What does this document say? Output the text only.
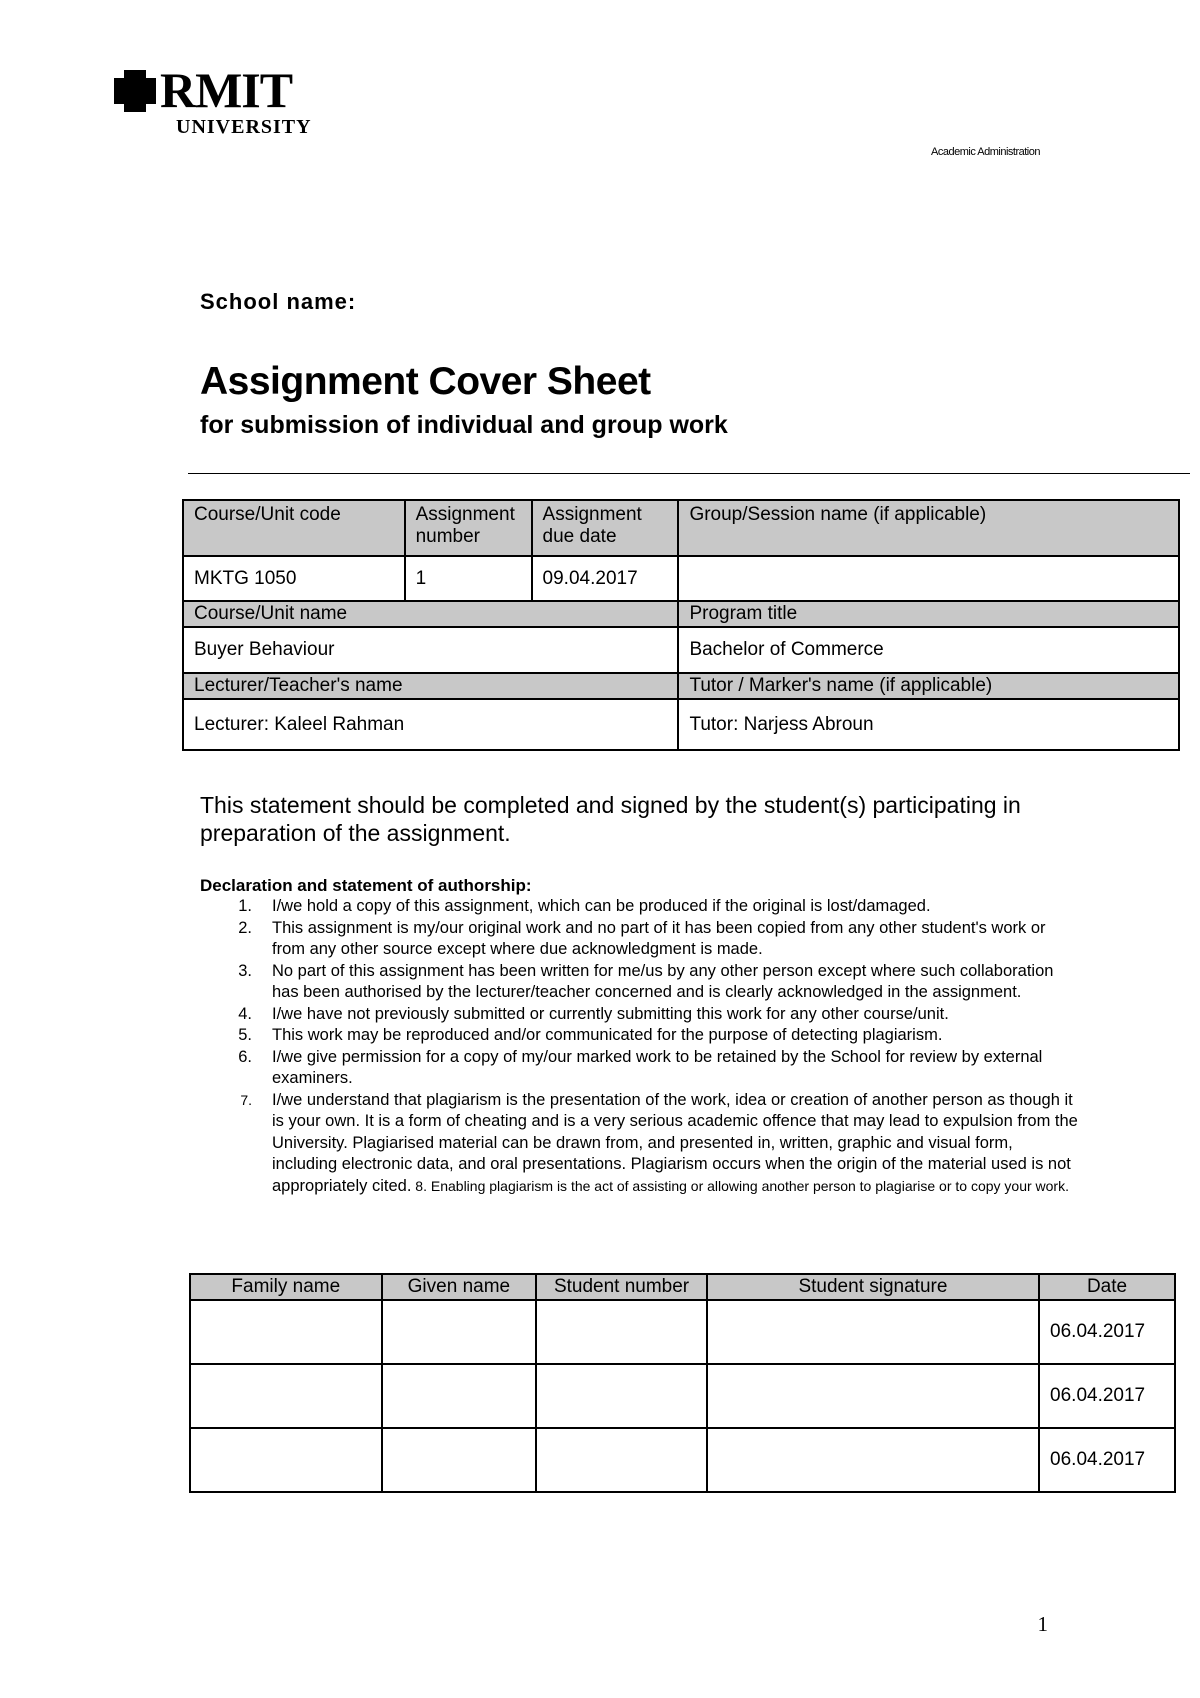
RMIT
UNIVERSITY
Academic Administration
School name:
Assignment Cover Sheet
for submission of individual and group work
Course/Unit code	Assignment number	Assignment due date	Group/Session name (if applicable)
MKTG 1050	1	09.04.2017	
Course/Unit name			Program title
Buyer Behaviour			Bachelor of Commerce
Lecturer/Teacher's name			Tutor / Marker's name (if applicable)
Lecturer: Kaleel Rahman			Tutor: Narjess Abroun
This statement should be completed and signed by the student(s) participating in preparation of the assignment.
Declaration and statement of authorship:
1.	I/we hold a copy of this assignment, which can be produced if the original is lost/damaged.
2.	This assignment is my/our original work and no part of it has been copied from any other student's work or from any other source except where due acknowledgment is made.
3.	No part of this assignment has been written for me/us by any other person except where such collaboration has been authorised by the lecturer/teacher concerned and is clearly acknowledged in the assignment.
4.	I/we have not previously submitted or currently submitting this work for any other course/unit.
5.	This work may be reproduced and/or communicated for the purpose of detecting plagiarism.
6.	I/we give permission for a copy of my/our marked work to be retained by the School for review by external examiners.
7.	I/we understand that plagiarism is the presentation of the work, idea or creation of another person as though it is your own. It is a form of cheating and is a very serious academic offence that may lead to expulsion from the University. Plagiarised material can be drawn from, and presented in, written, graphic and visual form, including electronic data, and oral presentations. Plagiarism occurs when the origin of the material used is not appropriately cited. 8. Enabling plagiarism is the act of assisting or allowing another person to plagiarise or to copy your work.
Family name	Given name	Student number	Student signature	Date
				06.04.2017
				06.04.2017
				06.04.2017
1
